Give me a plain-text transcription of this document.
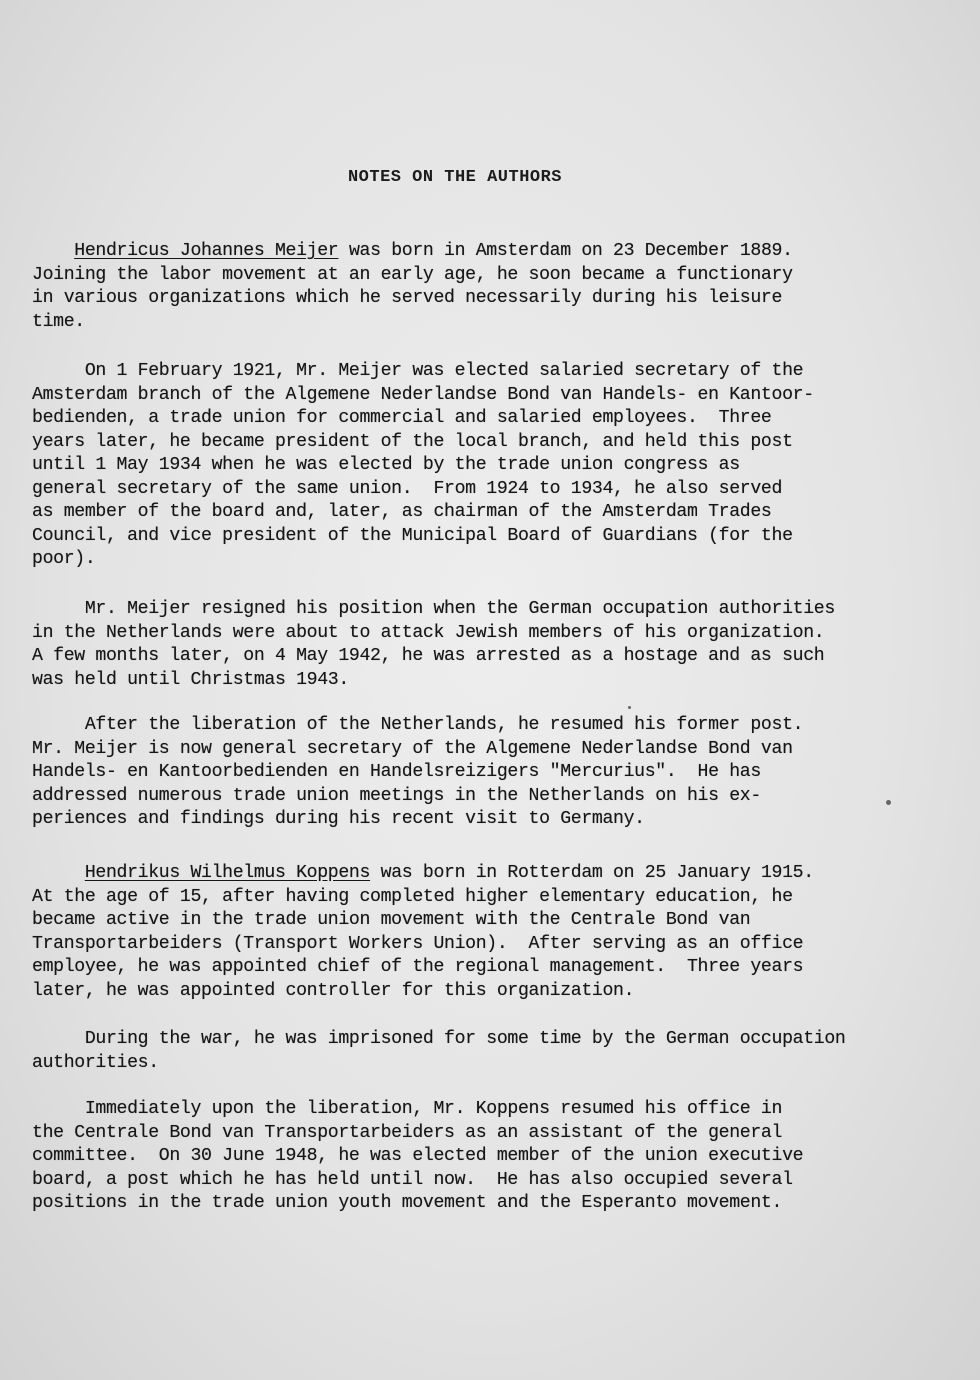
NOTES ON THE AUTHORS
Hendricus Johannes Meijer was born in Amsterdam on 23 December 1889.
Joining the labor movement at an early age, he soon became a functionary
in various organizations which he served necessarily during his leisure
time.
On 1 February 1921, Mr. Meijer was elected salaried secretary of the
Amsterdam branch of the Algemene Nederlandse Bond van Handels- en Kantoor-
bedienden, a trade union for commercial and salaried employees.  Three
years later, he became president of the local branch, and held this post
until 1 May 1934 when he was elected by the trade union congress as
general secretary of the same union.  From 1924 to 1934, he also served
as member of the board and, later, as chairman of the Amsterdam Trades
Council, and vice president of the Municipal Board of Guardians (for the
poor).
Mr. Meijer resigned his position when the German occupation authorities
in the Netherlands were about to attack Jewish members of his organization.
A few months later, on 4 May 1942, he was arrested as a hostage and as such
was held until Christmas 1943.
After the liberation of the Netherlands, he resumed his former post.
Mr. Meijer is now general secretary of the Algemene Nederlandse Bond van
Handels- en Kantoorbedienden en Handelsreizigers "Mercurius".  He has
addressed numerous trade union meetings in the Netherlands on his ex-
periences and findings during his recent visit to Germany.
Hendrikus Wilhelmus Koppens was born in Rotterdam on 25 January 1915.
At the age of 15, after having completed higher elementary education, he
became active in the trade union movement with the Centrale Bond van
Transportarbeiders (Transport Workers Union).  After serving as an office
employee, he was appointed chief of the regional management.  Three years
later, he was appointed controller for this organization.
During the war, he was imprisoned for some time by the German occupation
authorities.
Immediately upon the liberation, Mr. Koppens resumed his office in
the Centrale Bond van Transportarbeiders as an assistant of the general
committee.  On 30 June 1948, he was elected member of the union executive
board, a post which he has held until now.  He has also occupied several
positions in the trade union youth movement and the Esperanto movement.
